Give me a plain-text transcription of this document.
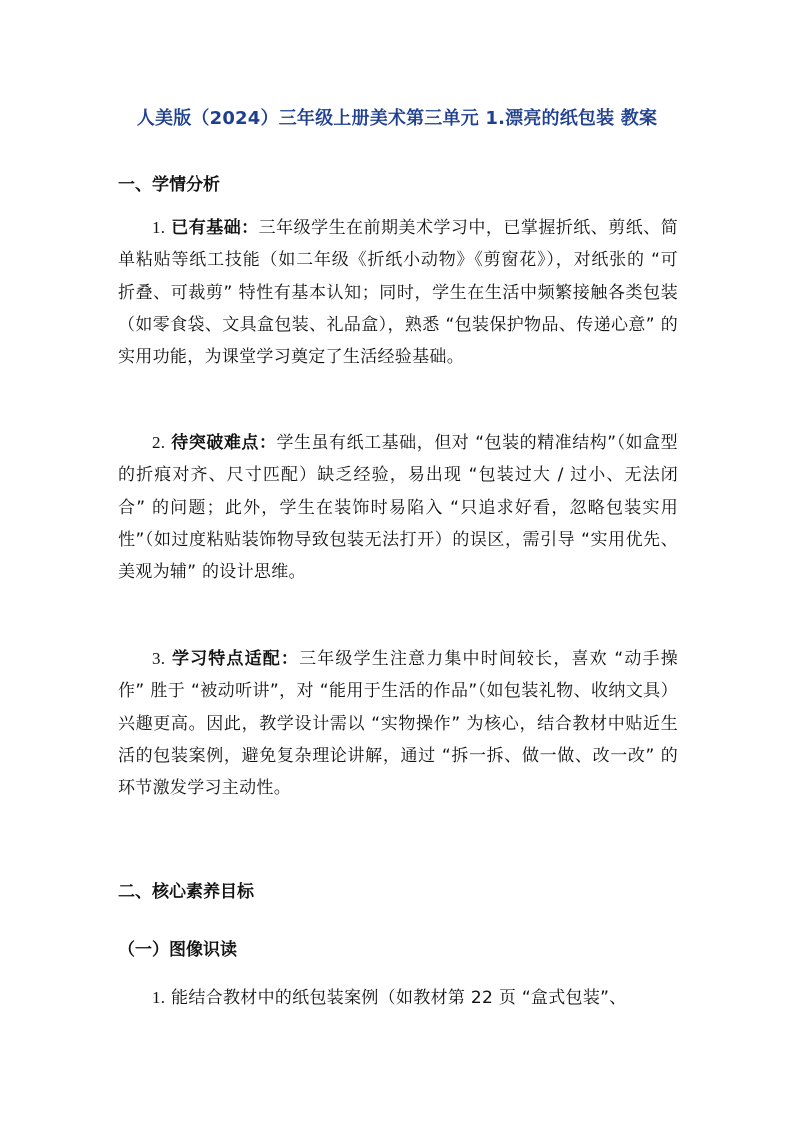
人美版（2024）三年级上册美术第三单元 1.漂亮的纸包装 教案
一、学情分析
1. 已有基础：三年级学生在前期美术学习中，已掌握折纸、剪纸、简单粘贴等纸工技能（如二年级《折纸小动物》《剪窗花》），对纸张的 “可折叠、可裁剪” 特性有基本认知；同时，学生在生活中频繁接触各类包装（如零食袋、文具盒包装、礼品盒），熟悉 “包装保护物品、传递心意” 的实用功能，为课堂学习奠定了生活经验基础。
2. 待突破难点：学生虽有纸工基础，但对 “包装的精准结构”（如盒型的折痕对齐、尺寸匹配）缺乏经验，易出现 “包装过大 / 过小、无法闭合” 的问题；此外，学生在装饰时易陷入 “只追求好看，忽略包装实用性”（如过度粘贴装饰物导致包装无法打开）的误区，需引导 “实用优先、美观为辅” 的设计思维。
3. 学习特点适配：三年级学生注意力集中时间较长，喜欢 “动手操作” 胜于 “被动听讲”，对 “能用于生活的作品”（如包装礼物、收纳文具）兴趣更高。因此，教学设计需以 “实物操作” 为核心，结合教材中贴近生活的包装案例，避免复杂理论讲解，通过 “拆一拆、做一做、改一改” 的环节激发学习主动性。
二、核心素养目标
（一）图像识读
1. 能结合教材中的纸包装案例（如教材第 22 页 “盒式包装”、
